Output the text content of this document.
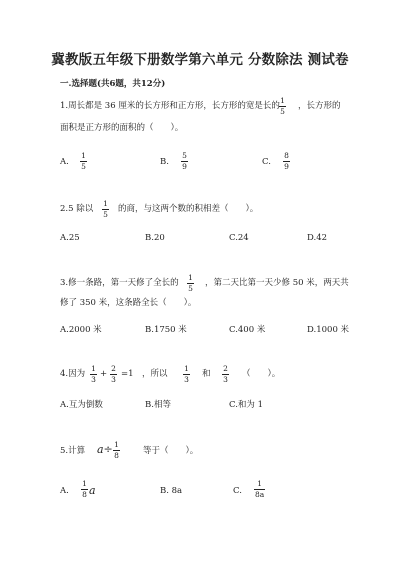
冀教版五年级下册数学第六单元 分数除法 测试卷
一.选择题(共6题，共12分)
1.周长都是 36 厘米的长方形和正方形，长方形的宽是长的
1
5
，长方形的
面积是正方形的面积的（　　）。
A.
1
5	B.
5
9	C.
8
9
2.5 除以
1
5
的商，与这两个数的积相差（　　）。
A.25	B.20	C.24	D.42
3.修一条路，第一天修了全长的
1
5
，第二天比第一天少修 50 米，两天共
修了 350 米，这条路全长（　　）。
A.2000 米	B.1750 米	C.400 米	D.1000 米
4.因为
1
3
+
2
3
=1 ，所以
1
3
和
2
3
（　　）。
A.互为倒数	B.相等	C.和为 1
5.计算 a÷ 1
8	等于（　　）。
A.
1
8 a	B. 8a	C.
1
8a
